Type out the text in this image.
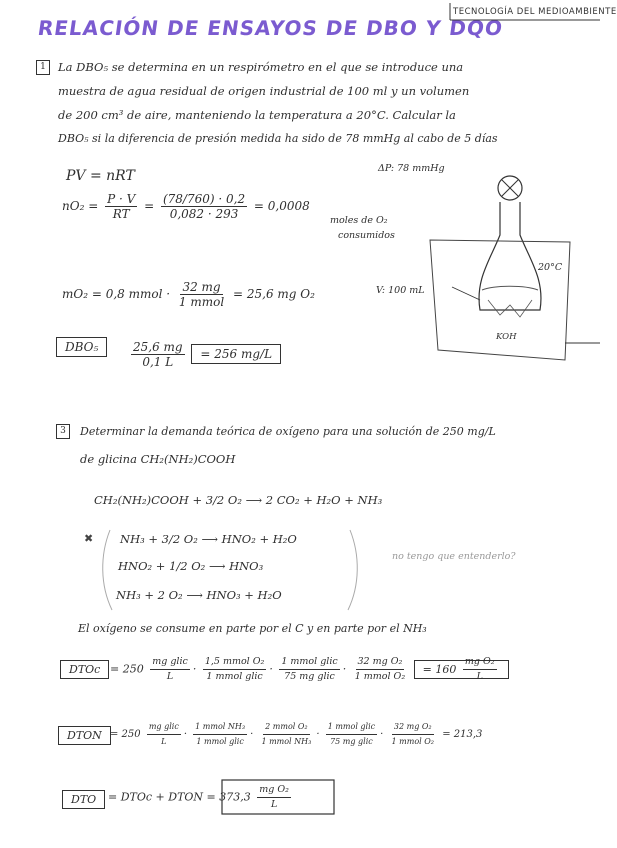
RELACIÓN DE ENSAYOS DE DBO Y DQO
TECNOLOGÍA DEL MEDIOAMBIENTE
1	La DBO₅ se determina en un respirómetro en el que se introduce una
muestra de agua residual de origen industrial de 100 ml y un volumen
de 200 cm³ de aire, manteniendo la temperatura a 20°C. Calcular la
DBO₅ si la diferencia de presión medida ha sido de 78 mmHg al cabo de 5 días
PV = nRT
$nO_2 = \frac{P \cdot V}{RT} = \frac{(78/760) \cdot 0,2}{0,082 \cdot 293} = 0,0008$
moles de O₂
consumidos
mO₂ = 0,8 mmol · $\frac{32 mg}{\text{1 mmol}} = 25,6$ mg O₂
DBO₅	$\frac{25,6 mg}{0,1 L} = 256$ mg/L
ΔP: 78 mmHg
20°C
V: 100 mL
KOH
3	Determinar la demanda teórica de oxígeno para una solución de 250 mg/L
de glicina CH₂(NH₂)COOH
CH₂(NH₂)COOH + 3/2 O₂ ⟶ 2 CO₂ + H₂O + NH₃
✖ NH₃ + 3/2 O₂ ⟶ HNO₂ + H₂O
HNO₂ + 1/2 O₂ ⟶ HNO₃
NH₃ + 2 O₂ ⟶ HNO₃ + H₂O
no tengo que entenderlo?
El oxígeno se consume en parte por el C y en parte por el NH₃
DTOc = $250 \frac{\text{mg glic}}{L} \cdot \frac{\text{1,5 mmol O₂}}{\text{1 mmol glic}} \cdot \frac{\text{1 mmol glic}}{\text{75 mg glic}} \cdot \frac{\text{32 mg O₂}}{\text{1 mmol O₂}} = 160 \frac{\text{mg O₂}}{L}$
DTON = $250 \frac{\text{mg glic}}{L} \cdot \frac{\text{1 mmol NH₃}}{\text{1 mmol glic}} \cdot \frac{\text{2 mmol O₂}}{\text{1 mmol NH₃}} \cdot \frac{\text{1 mmol glic}}{\text{75 mg glic}} \cdot \frac{\text{32 mg O₂}}{\text{1 mmol O₂}} = 213,3$
DTO	= DTOc + DTON = $373,3 \frac{\text{mg O₂}}{L}$
